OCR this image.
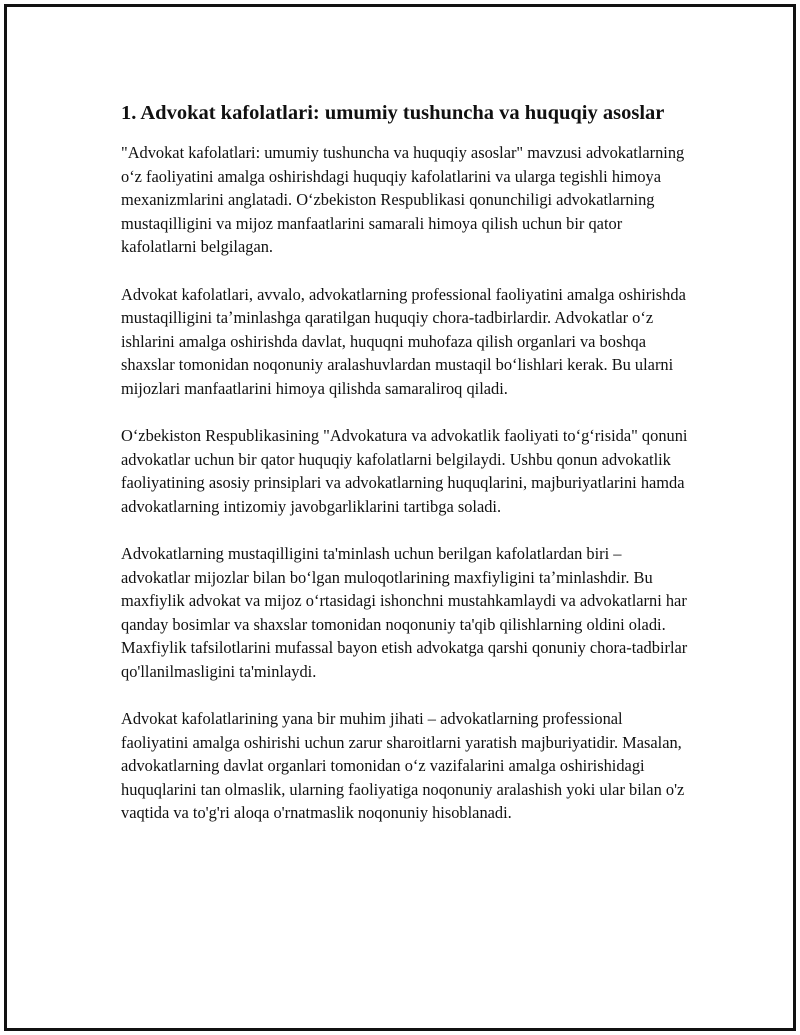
1. Advokat kafolatlari: umumiy tushuncha va huquqiy asoslar

"Advokat kafolatlari: umumiy tushuncha va huquqiy asoslar" mavzusi advokatlarning oʻz faoliyatini amalga oshirishdagi huquqiy kafolatlarini va ularga tegishli himoya mexanizmlarini anglatadi. Oʻzbekiston Respublikasi qonunchiligi advokatlarning mustaqilligini va mijoz manfaatlarini samarali himoya qilish uchun bir qator kafolatlarni belgilagan.

Advokat kafolatlari, avvalo, advokatlarning professional faoliyatini amalga oshirishda mustaqilligini taʼminlashga qaratilgan huquqiy chora-tadbirlardir. Advokatlar oʻz ishlarini amalga oshirishda davlat, huquqni muhofaza qilish organlari va boshqa shaxslar tomonidan noqonuniy aralashuvlardan mustaqil boʻlishlari kerak. Bu ularni mijozlari manfaatlarini himoya qilishda samaraliroq qiladi.

Oʻzbekiston Respublikasining "Advokatura va advokatlik faoliyati toʻgʻrisida" qonuni advokatlar uchun bir qator huquqiy kafolatlarni belgilaydi. Ushbu qonun advokatlik faoliyatining asosiy prinsiplari va advokatlarning huquqlarini, majburiyatlarini hamda advokatlarning intizomiy javobgarliklarini tartibga soladi.

Advokatlarning mustaqilligini ta'minlash uchun berilgan kafolatlardan biri – advokatlar mijozlar bilan boʻlgan muloqotlarining maxfiyligini taʼminlashdir. Bu maxfiylik advokat va mijoz oʻrtasidagi ishonchni mustahkamlaydi va advokatlarni har qanday bosimlar va shaxslar tomonidan noqonuniy ta'qib qilishlarning oldini oladi. Maxfiylik tafsilotlarini mufassal bayon etish advokatga qarshi qonuniy chora-tadbirlar qo'llanilmasligini ta'minlaydi.

Advokat kafolatlarining yana bir muhim jihati – advokatlarning professional faoliyatini amalga oshirishi uchun zarur sharoitlarni yaratish majburiyatidir. Masalan, advokatlarning davlat organlari tomonidan oʻz vazifalarini amalga oshirishidagi huquqlarini tan olmaslik, ularning faoliyatiga noqonuniy aralashish yoki ular bilan o'z vaqtida va to'g'ri aloqa o'rnatmaslik noqonuniy hisoblanadi.
